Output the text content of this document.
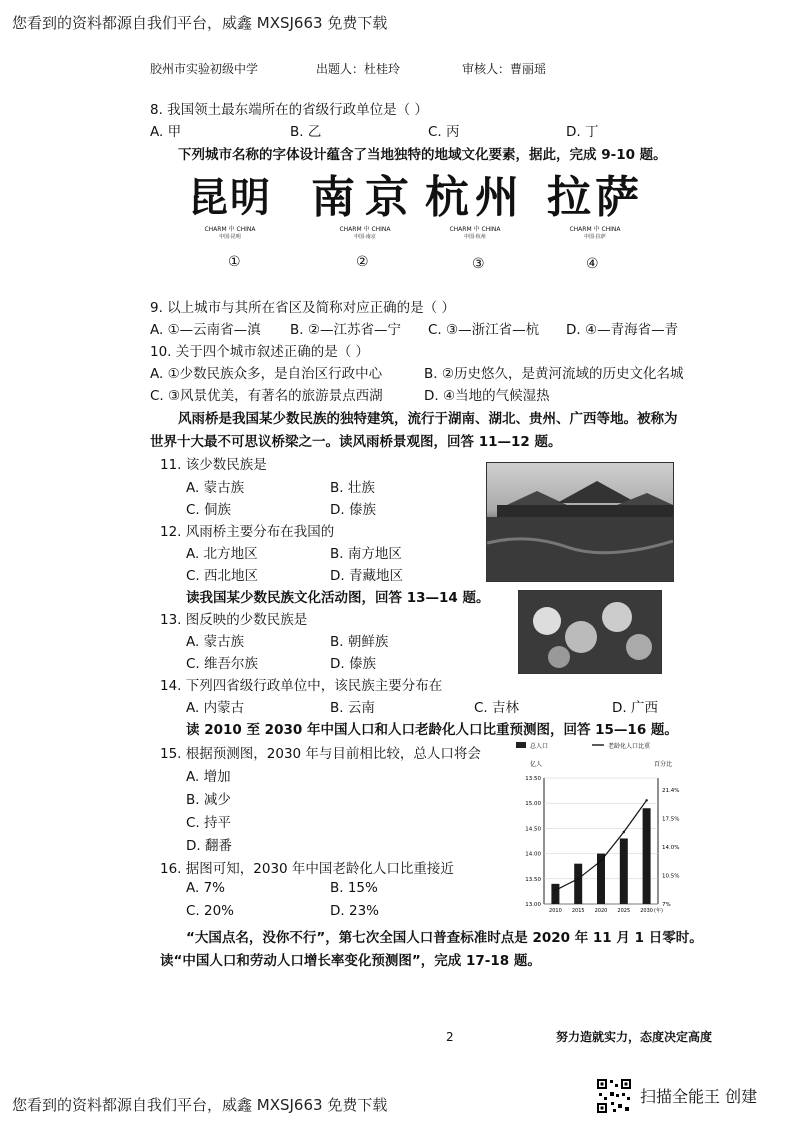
您看到的资料都源自我们平台，威鑫 MXSJ663 免费下载
胶州市实验初级中学	出题人：杜桂玲	审核人：曹丽瑶
8. 我国领土最东端所在的省级行政单位是（ ）
A. 甲	B. 乙	C. 丙	D. 丁
下列城市名称的字体设计蕴含了当地独特的地域文化要素，据此，完成 9-10 题。
昆明
CHARM 中 CHINA
中国·昆明
南京
CHARM 中 CHINA
中国·南京
杭州
CHARM 中 CHINA
中国·杭州
拉萨
CHARM 中 CHINA
中国·拉萨
①	②	③	④
9. 以上城市与其所在省区及简称对应正确的是（ ）
A. ①—云南省—滇 B. ②—江苏省—宁 C. ③—浙江省—杭 D. ④—青海省—青
10. 关于四个城市叙述正确的是（ ）
A. ①少数民族众多，是自治区行政中心	B. ②历史悠久，是黄河流域的历史文化名城
C. ③风景优美，有著名的旅游景点西湖	D. ④当地的气候湿热
风雨桥是我国某少数民族的独特建筑，流行于湖南、湖北、贵州、广西等地。被称为
世界十大最不可思议桥梁之一。读风雨桥景观图，回答 11—12 题。
11. 该少数民族是
A. 蒙古族	B. 壮族
C. 侗族	D. 傣族
12. 风雨桥主要分布在我国的
A. 北方地区	B. 南方地区
C. 西北地区	D. 青藏地区
读我国某少数民族文化活动图，回答 13—14 题。
13. 图反映的少数民族是
A. 蒙古族	B. 朝鲜族
C. 维吾尔族	D. 傣族
14. 下列四省级行政单位中，该民族主要分布在
A. 内蒙古	B. 云南	C. 吉林	D. 广西
读 2010 至 2030 年中国人口和人口老龄化人口比重预测图，回答 15—16 题。
15. 根据预测图，2030 年与目前相比较，总人口将会
A. 增加
B. 减少
C. 持平
D. 翻番
16. 据图可知，2030 年中国老龄化人口比重接近
A. 7%	B. 15%
C. 20%	D. 23%
总人口	老龄化人口比重
亿人	百分比
13.50
15.00
14.50
14.00
13.50
13.00
21.4%
17.5%
14.0%
10.5%
7%
2010 2015 2020 2025 2030 (年)
“大国点名，没你不行”，第七次全国人口普查标准时点是 2020 年 11 月 1 日零时。
读“中国人口和劳动人口增长率变化预测图”，完成 17-18 题。
2	努力造就实力，态度决定高度
您看到的资料都源自我们平台，威鑫 MXSJ663 免费下载	扫描全能王 创建
